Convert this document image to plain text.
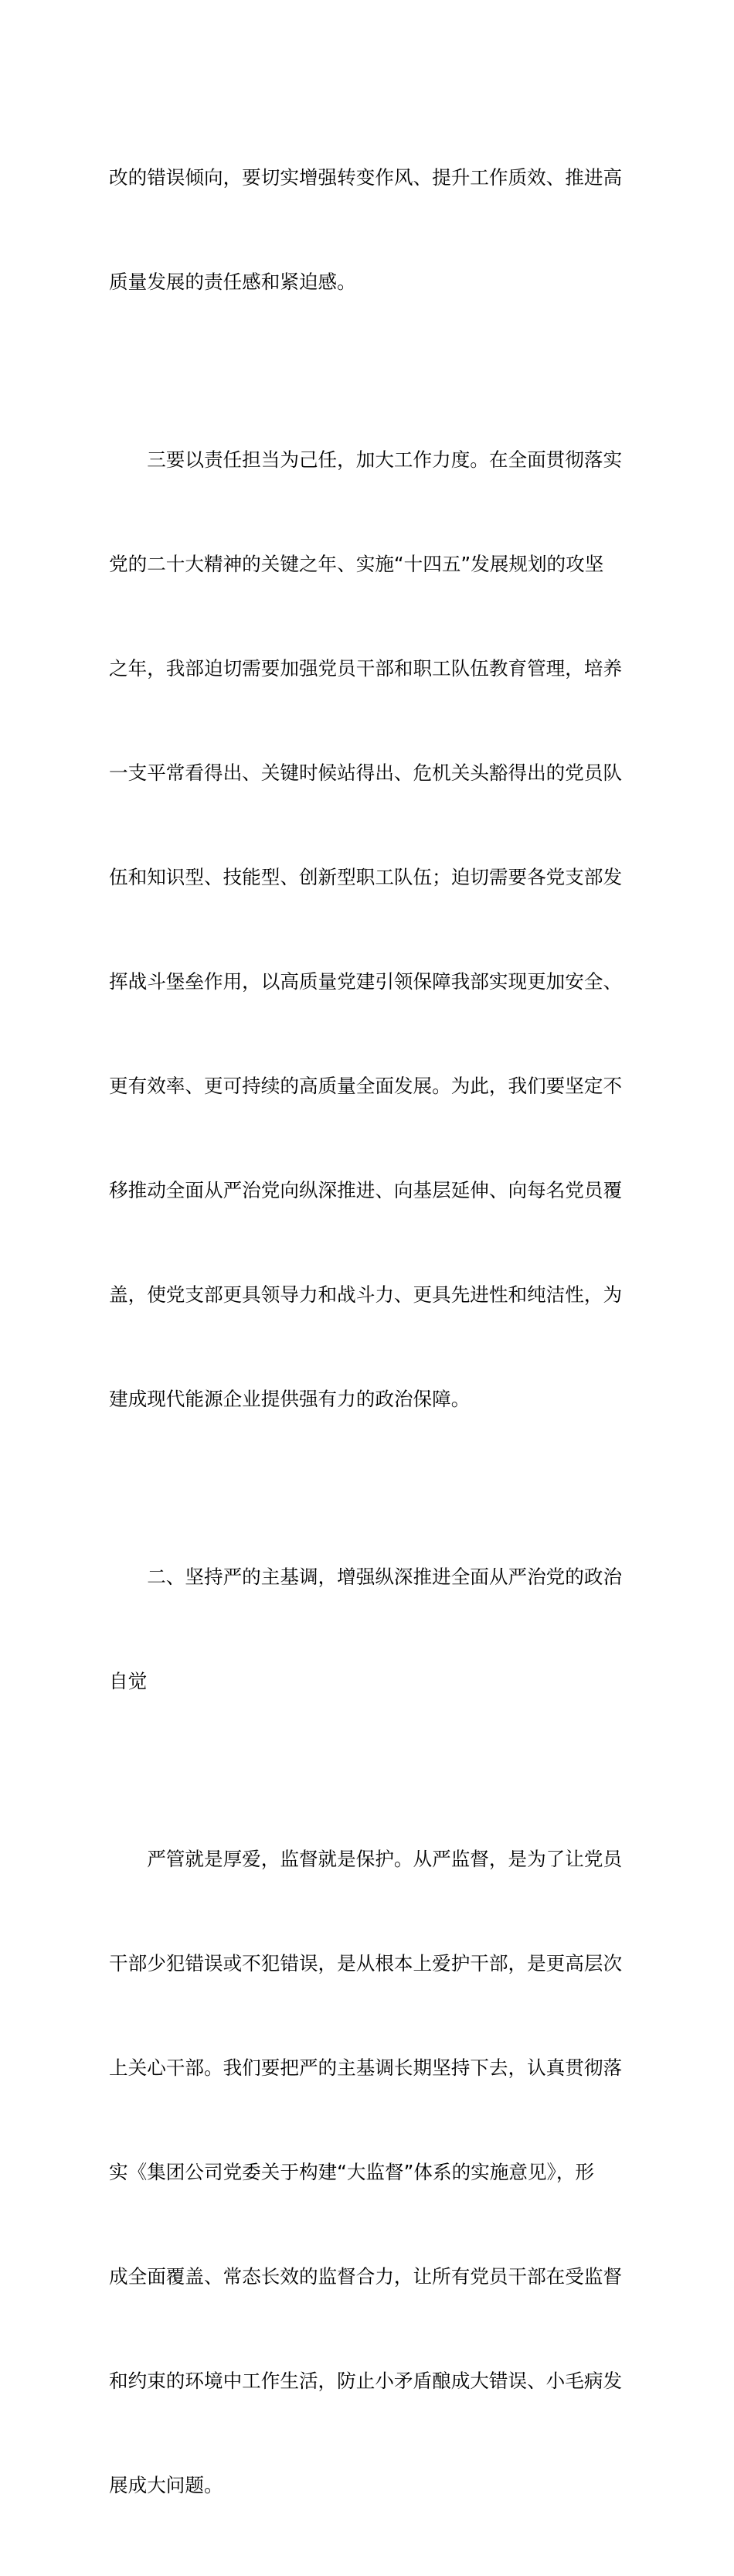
改的错误倾向，要切实增强转变作风、提升工作质效、推进高

质量发展的责任感和紧迫感。

　　三要以责任担当为己任，加大工作力度。在全面贯彻落实

党的二十大精神的关键之年、实施“十四五”发展规划的攻坚

之年，我部迫切需要加强党员干部和职工队伍教育管理，培养

一支平常看得出、关键时候站得出、危机关头豁得出的党员队

伍和知识型、技能型、创新型职工队伍；迫切需要各党支部发

挥战斗堡垒作用，以高质量党建引领保障我部实现更加安全、

更有效率、更可持续的高质量全面发展。为此，我们要坚定不

移推动全面从严治党向纵深推进、向基层延伸、向每名党员覆

盖，使党支部更具领导力和战斗力、更具先进性和纯洁性，为

建成现代能源企业提供强有力的政治保障。

　　二、坚持严的主基调，增强纵深推进全面从严治党的政治

自觉

　　严管就是厚爱，监督就是保护。从严监督，是为了让党员

干部少犯错误或不犯错误，是从根本上爱护干部，是更高层次

上关心干部。我们要把严的主基调长期坚持下去，认真贯彻落

实《集团公司党委关于构建“大监督”体系的实施意见》，形

成全面覆盖、常态长效的监督合力，让所有党员干部在受监督

和约束的环境中工作生活，防止小矛盾酿成大错误、小毛病发

展成大问题。
